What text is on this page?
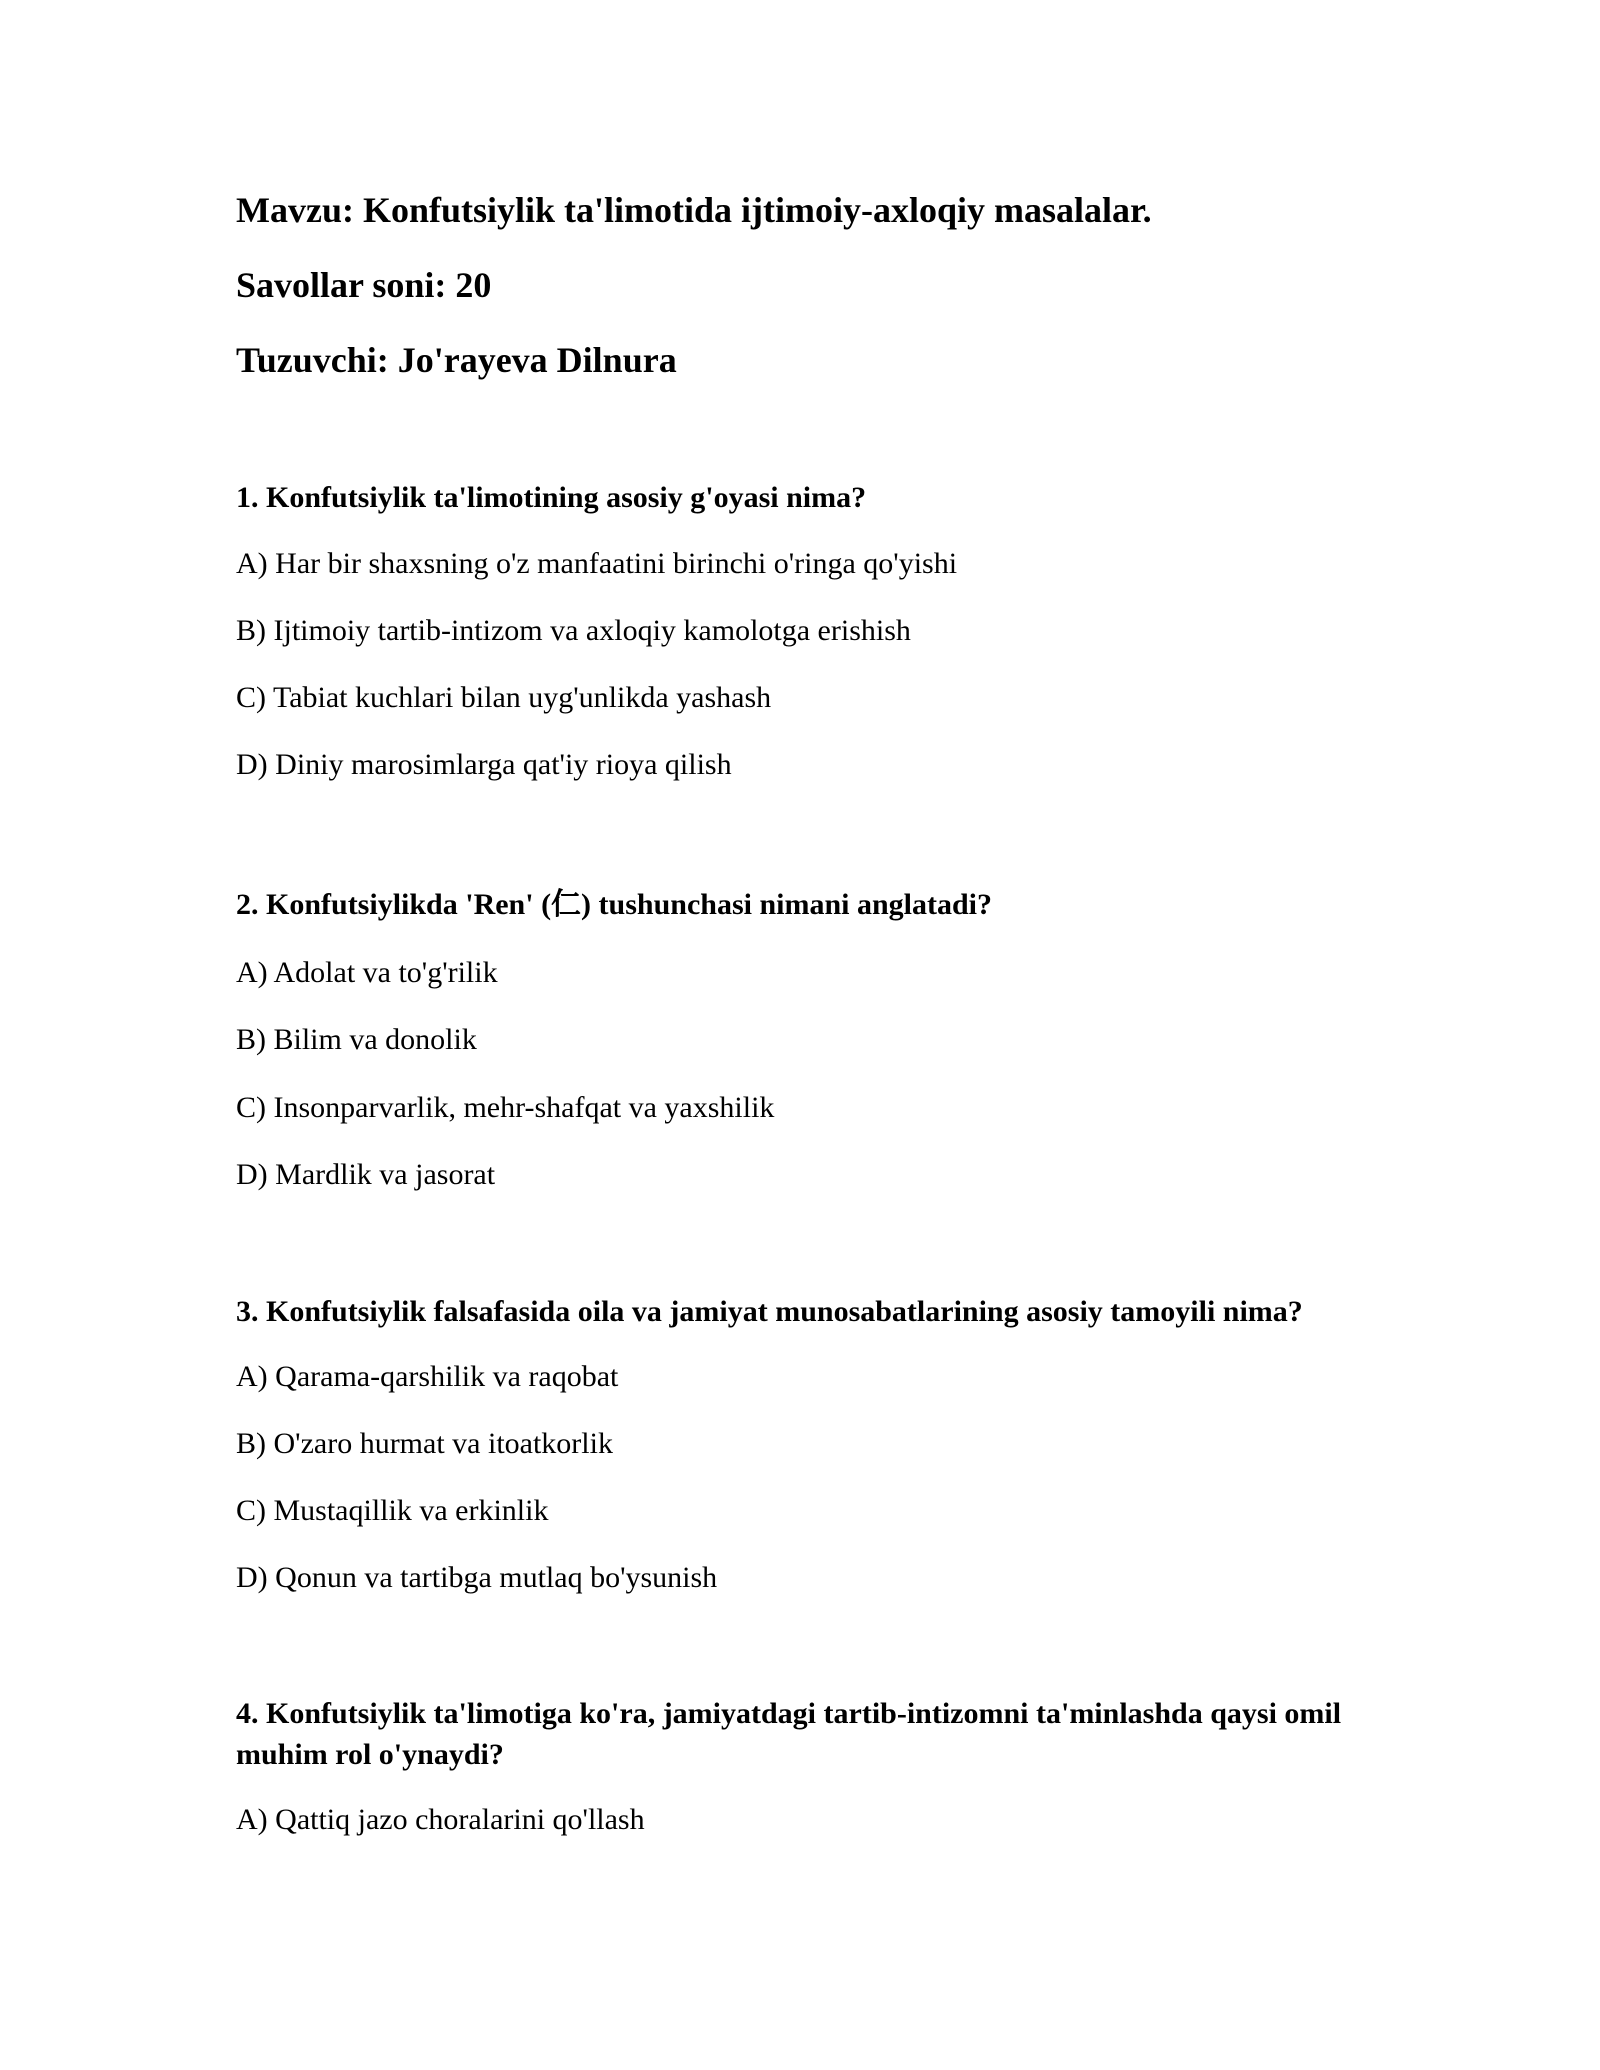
Mavzu: Konfutsiylik ta'limotida ijtimoiy-axloqiy masalalar.
Savollar soni: 20
Tuzuvchi: Jo'rayeva Dilnura
1. Konfutsiylik ta'limotining asosiy g'oyasi nima?
A) Har bir shaxsning o'z manfaatini birinchi o'ringa qo'yishi
B) Ijtimoiy tartib-intizom va axloqiy kamolotga erishish
C) Tabiat kuchlari bilan uyg'unlikda yashash
D) Diniy marosimlarga qat'iy rioya qilish
2. Konfutsiylikda 'Ren' (仁) tushunchasi nimani anglatadi?
A) Adolat va to'g'rilik
B) Bilim va donolik
C) Insonparvarlik, mehr-shafqat va yaxshilik
D) Mardlik va jasorat
3. Konfutsiylik falsafasida oila va jamiyat munosabatlarining asosiy tamoyili nima?
A) Qarama-qarshilik va raqobat
B) O'zaro hurmat va itoatkorlik
C) Mustaqillik va erkinlik
D) Qonun va tartibga mutlaq bo'ysunish
4. Konfutsiylik ta'limotiga ko'ra, jamiyatdagi tartib-intizomni ta'minlashda qaysi omil muhim rol o'ynaydi?
A) Qattiq jazo choralarini qo'llash
